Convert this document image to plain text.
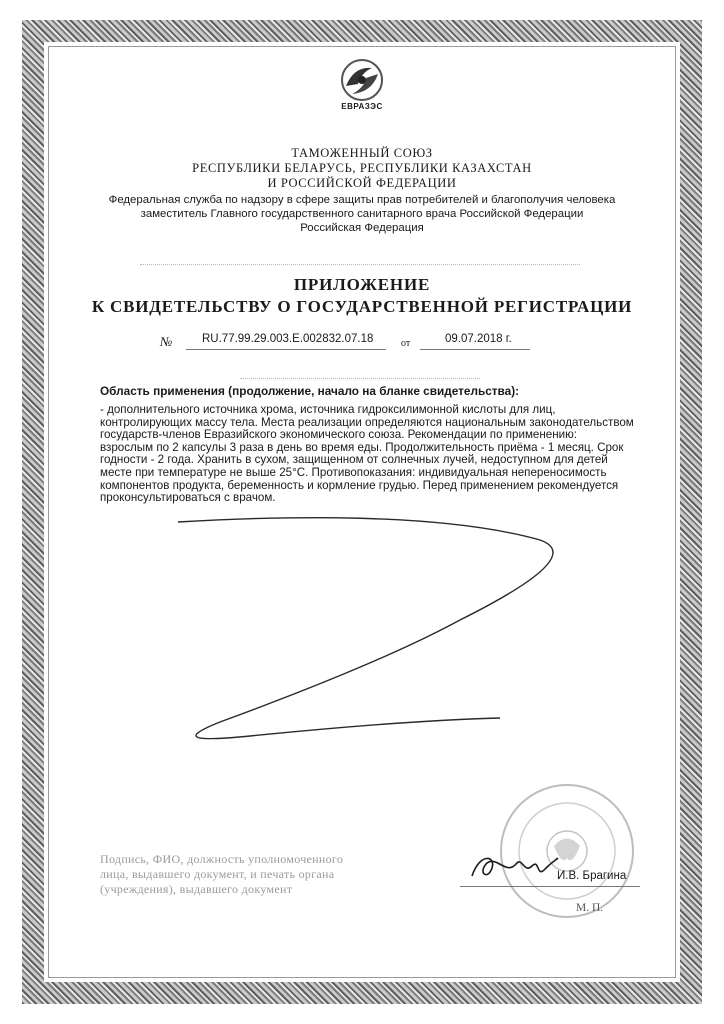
ЕВРАЗЭС
ТАМОЖЕННЫЙ СОЮЗ
РЕСПУБЛИКИ БЕЛАРУСЬ, РЕСПУБЛИКИ КАЗАХСТАН
И РОССИЙСКОЙ ФЕДЕРАЦИИ
Федеральная служба по надзору в сфере защиты прав потребителей и благополучия человека
заместитель Главного государственного санитарного врача Российской Федерации
Российская Федерация
ПРИЛОЖЕНИЕ
К СВИДЕТЕЛЬСТВУ О ГОСУДАРСТВЕННОЙ РЕГИСТРАЦИИ
№	RU.77.99.29.003.Е.002832.07.18	от	09.07.2018 г.
Область применения (продолжение, начало на бланке свидетельства):
- дополнительного источника хрома, источника гидроксилимонной кислоты для лиц,
контролирующих массу тела. Места реализации определяются национальным законодательством
государств-членов Евразийского экономического союза. Рекомендации по применению:
взрослым по 2 капсулы 3 раза в день во время еды. Продолжительность приёма - 1 месяц. Срок
годности - 2 года. Хранить в сухом, защищенном от солнечных лучей, недоступном для детей
месте при температуре не выше 25°С. Противопоказания: индивидуальная непереносимость
компонентов продукта, беременность и кормление грудью. Перед применением рекомендуется
проконсультироваться с врачом.
Подпись, ФИО, должность уполномоченного
лица, выдавшего документ, и печать органа
(учреждения), выдавшего документ
И.В. Брагина
М. П.
